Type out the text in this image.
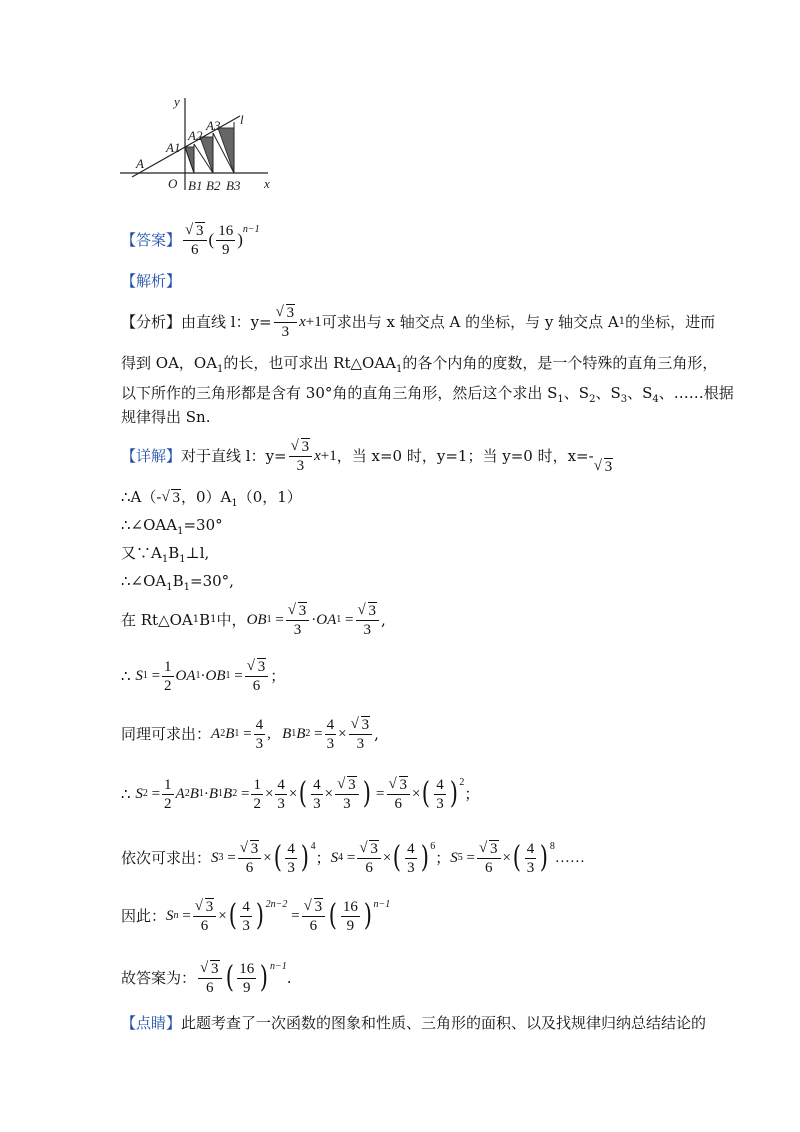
y
l
x
A
O
A1
A2
A3
B1 B2 B3
【答案】 √ $\frac{3}{6}$ ( $\frac{16}{9}$ )
$^{n-1}$
【解析】
【分析】 由直线 l：y= √ $\frac{3}{3}$ x +1 可求出与 x 轴交点 A 的坐标，与 y 轴交点 A 1 的坐标，进而
得到 OA，$OA_1$的长，也可求出 $Rt\triangle OAA_1$的各个内角的度数，是一个特殊的直角三角形，
以下所作的三角形都是含有 30°角的直角三角形，然后这个求出 $S_1$、$S_2$、$S_3$、$S_4$、……根据
规律得出 Sn.
【详解】 对于直线 l：y= √ $\frac{3}{3}$ x +1 ，当 x=0 时，y=1；当 y=0 时，x=-
√ 3
∴A（- √ 3，$0)A_1(0$，1）
$\therefore\angle OAA_1=30^\circ$
又$\because A_1B_1\perp l$,
$\therefore\angle OA_1B_1=30^\circ$,
在 Rt△OA 1 B 1 中， OB 1 = √ $\frac{3}{3}$ · OA 1 = √ $\frac{3}{3}$ ,
∴ S $1 = \frac{1}{2}$ OA 1 · OB 1 = √ $\frac{3}{6}$ ；
同理可求出： A 2 B $1 = \frac{4}{3}$ , B 1 B $2 = \frac{4}{3}$ × √ $\frac{3}{3}$ ,
∴ S $2 = \frac{1}{2}$ A 2 B 1 · B 1 B $2 = \frac{1}{2} \times \frac{4}{3}$ × ( $\frac{4}{3}$ × √ $\frac{3}{3}$ ) = √ $\frac{3}{6}$ × ( $\frac{4}{3} )^2$
；
依次可求出： S 3 = √ $\frac{3}{6}$ × ( $\frac{4}{3} )^4$
； S 4 = √ $\frac{3}{6}$ × ( $\frac{4}{3} )^6$
； S 5 = √ $\frac{3}{6}$ × ( $\frac{4}{3} )^8$
……
因此： S n = √ $\frac{3}{6}$ × ( $\frac{4}{3} )^{2n-2}$
= √ $\frac{3}{6}$ ( $\frac{16}{9} )^{n-1}$
故答案为： √ $\frac{3}{6}$ ( $\frac{16}{9} )^{n-1}$
.
【点睛】此题考查了一次函数的图象和性质、三角形的面积、以及找规律归纳总结结论的
